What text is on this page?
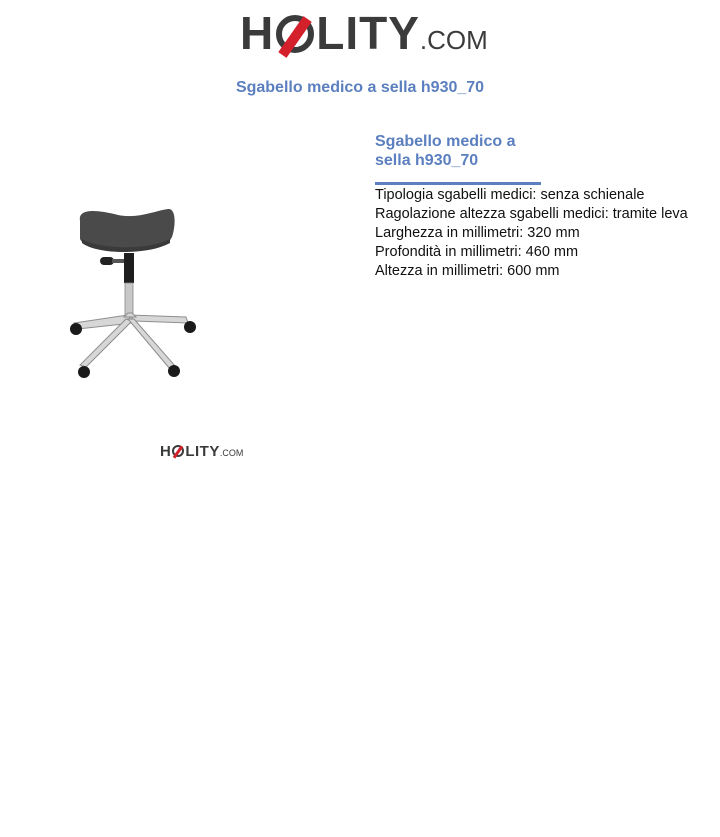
H LITY .COM
Sgabello medico a sella h930_70
H LITY .COM
Sgabello medico a
sella h930_70
Tipologia sgabelli medici: senza schienale
Ragolazione altezza sgabelli medici: tramite leva
Larghezza in millimetri: 320 mm
Profondità in millimetri: 460 mm
Altezza in millimetri: 600 mm
